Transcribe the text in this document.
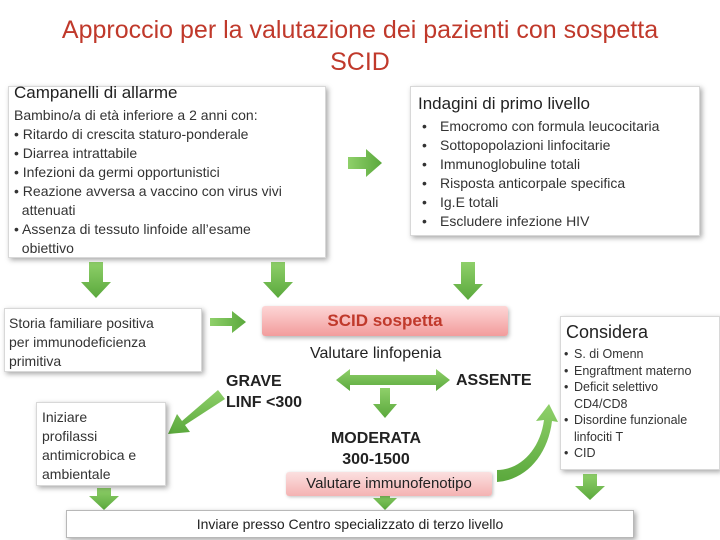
Approccio per la valutazione dei pazienti con sospetta
SCID
Campanelli di allarme
Bambino/a di età inferiore a 2 anni con:
• Ritardo di crescita staturo-ponderale
• Diarrea intrattabile
• Infezioni da germi opportunistici
• Reazione avversa a vaccino con virus vivi
attenuati
• Assenza di tessuto linfoide all’esame
obiettivo
Indagini di primo livello
• Emocromo con formula leucocitaria
• Sottopopolazioni linfocitarie
• Immunoglobuline totali
• Risposta anticorpale specifica
• Ig.E totali
• Escludere infezione HIV
Storia familiare positiva
per immunodeficienza
primitiva
Iniziare
profilassi
antimicrobica e
ambientale
SCID sospetta
Valutare linfopenia
GRAVE
LINF <300
ASSENTE
MODERATA
300-1500
Valutare immunofenotipo
Considera
• S. di Omenn
• Engraftment materno
• Deficit selettivo CD4/CD8
• Disordine funzionale linfociti T
• CID
Inviare presso Centro specializzato di terzo livello
